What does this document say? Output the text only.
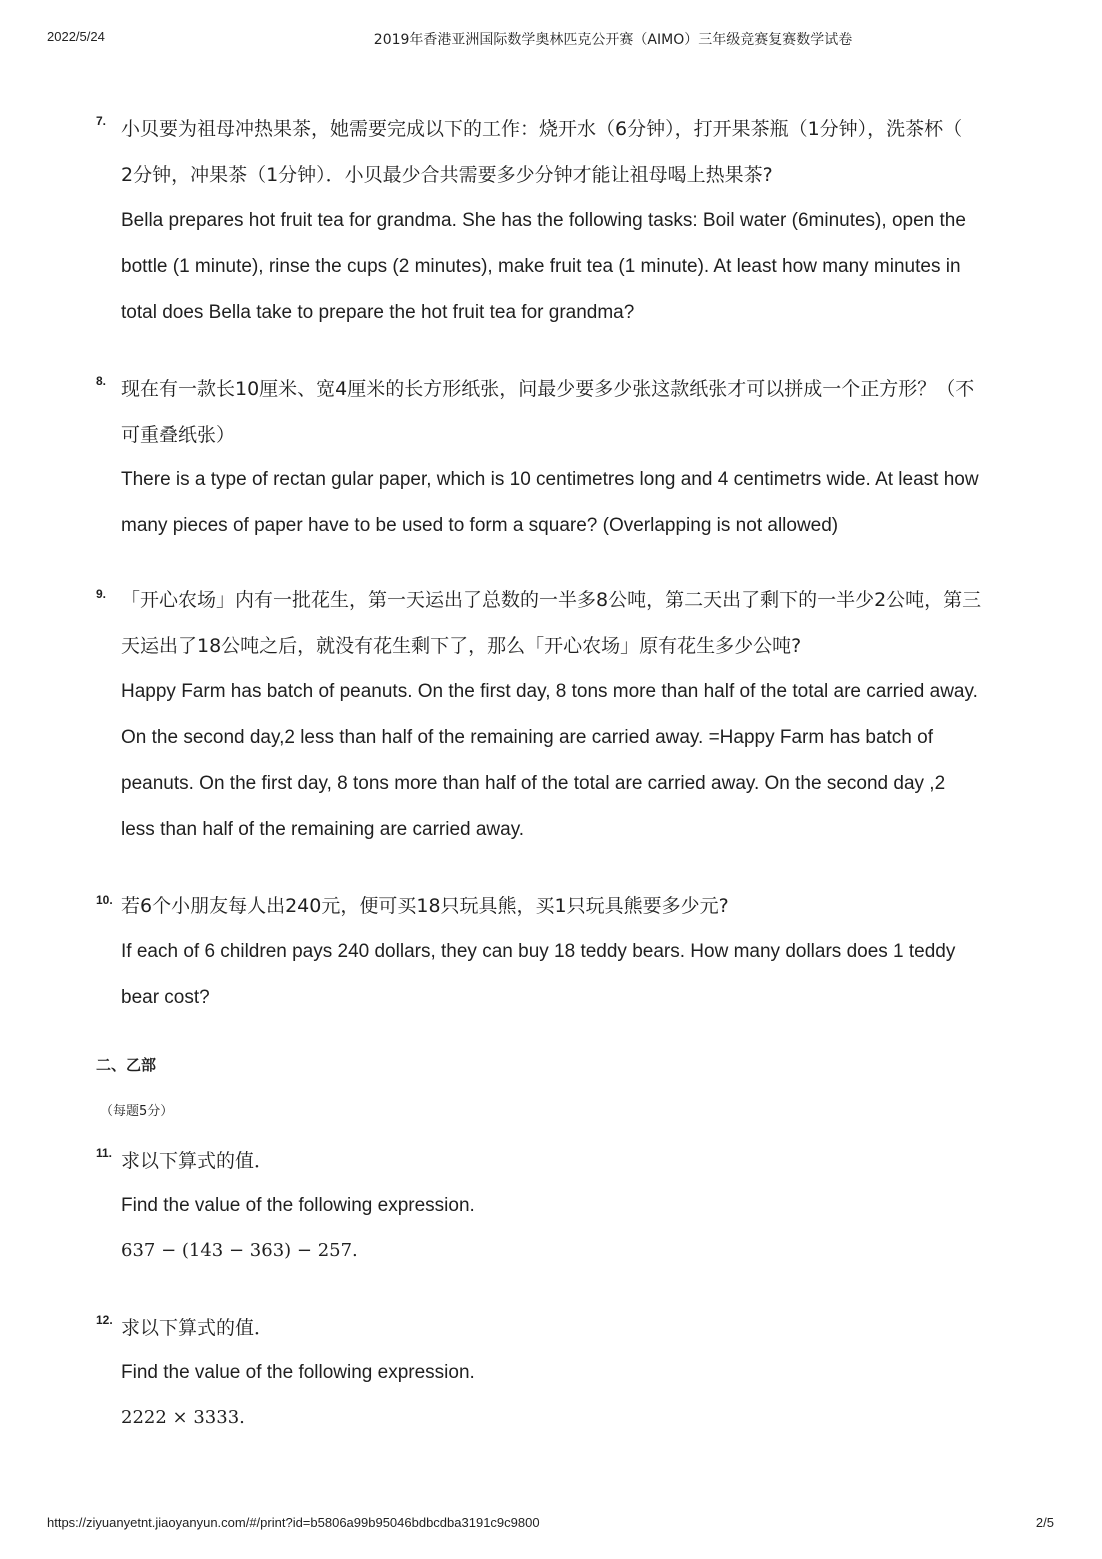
2022/5/24	2019年香港亚洲国际数学奥林匹克公开赛（AIMO）三年级竞赛复赛数学试卷
7. 小贝要为祖母冲热果茶，她需要完成以下的工作：烧开水（6分钟），打开果茶瓶（1分钟），洗茶杯（
2分钟，冲果茶（1分钟）．小贝最少合共需要多少分钟才能让祖母喝上热果茶?
Bella prepares hot fruit tea for grandma. She has the following tasks: Boil water (6minutes), open the
bottle (1 minute), rinse the cups (2 minutes), make fruit tea (1 minute). At least how many minutes in
total does Bella take to prepare the hot fruit tea for grandma?
8. 现在有一款长10厘米、宽4厘米的长方形纸张，问最少要多少张这款纸张才可以拼成一个正方形？（不
可重叠纸张）
There is a type of rectan gular paper, which is 10 centimetres long and 4 centimetrs wide. At least how
many pieces of paper have to be used to form a square? (Overlapping is not allowed)
9. 「开心农场」内有一批花生，第一天运出了总数的一半多8公吨，第二天出了剩下的一半少2公吨，第三
天运出了18公吨之后，就没有花生剩下了，那么「开心农场」原有花生多少公吨?
Happy Farm has batch of peanuts. On the first day, 8 tons more than half of the total are carried away.
On the second day,2 less than half of the remaining are carried away. =Happy Farm has batch of
peanuts. On the first day, 8 tons more than half of the total are carried away. On the second day ,2
less than half of the remaining are carried away.
10. 若6个小朋友每人出240元，便可买18只玩具熊，买1只玩具熊要多少元?
If each of 6 children pays 240 dollars, they can buy 18 teddy bears. How many dollars does 1 teddy
bear cost?
二、乙部
（每题5分）
11. 求以下算式的值．
Find the value of the following expression.
637 − (143 − 363) − 257.
12. 求以下算式的值．
Find the value of the following expression.
2222 × 3333.
https://ziyuanyetnt.jiaoyanyun.com/#/print?id=b5806a99b95046bdbcdba3191c9c9800	2/5
